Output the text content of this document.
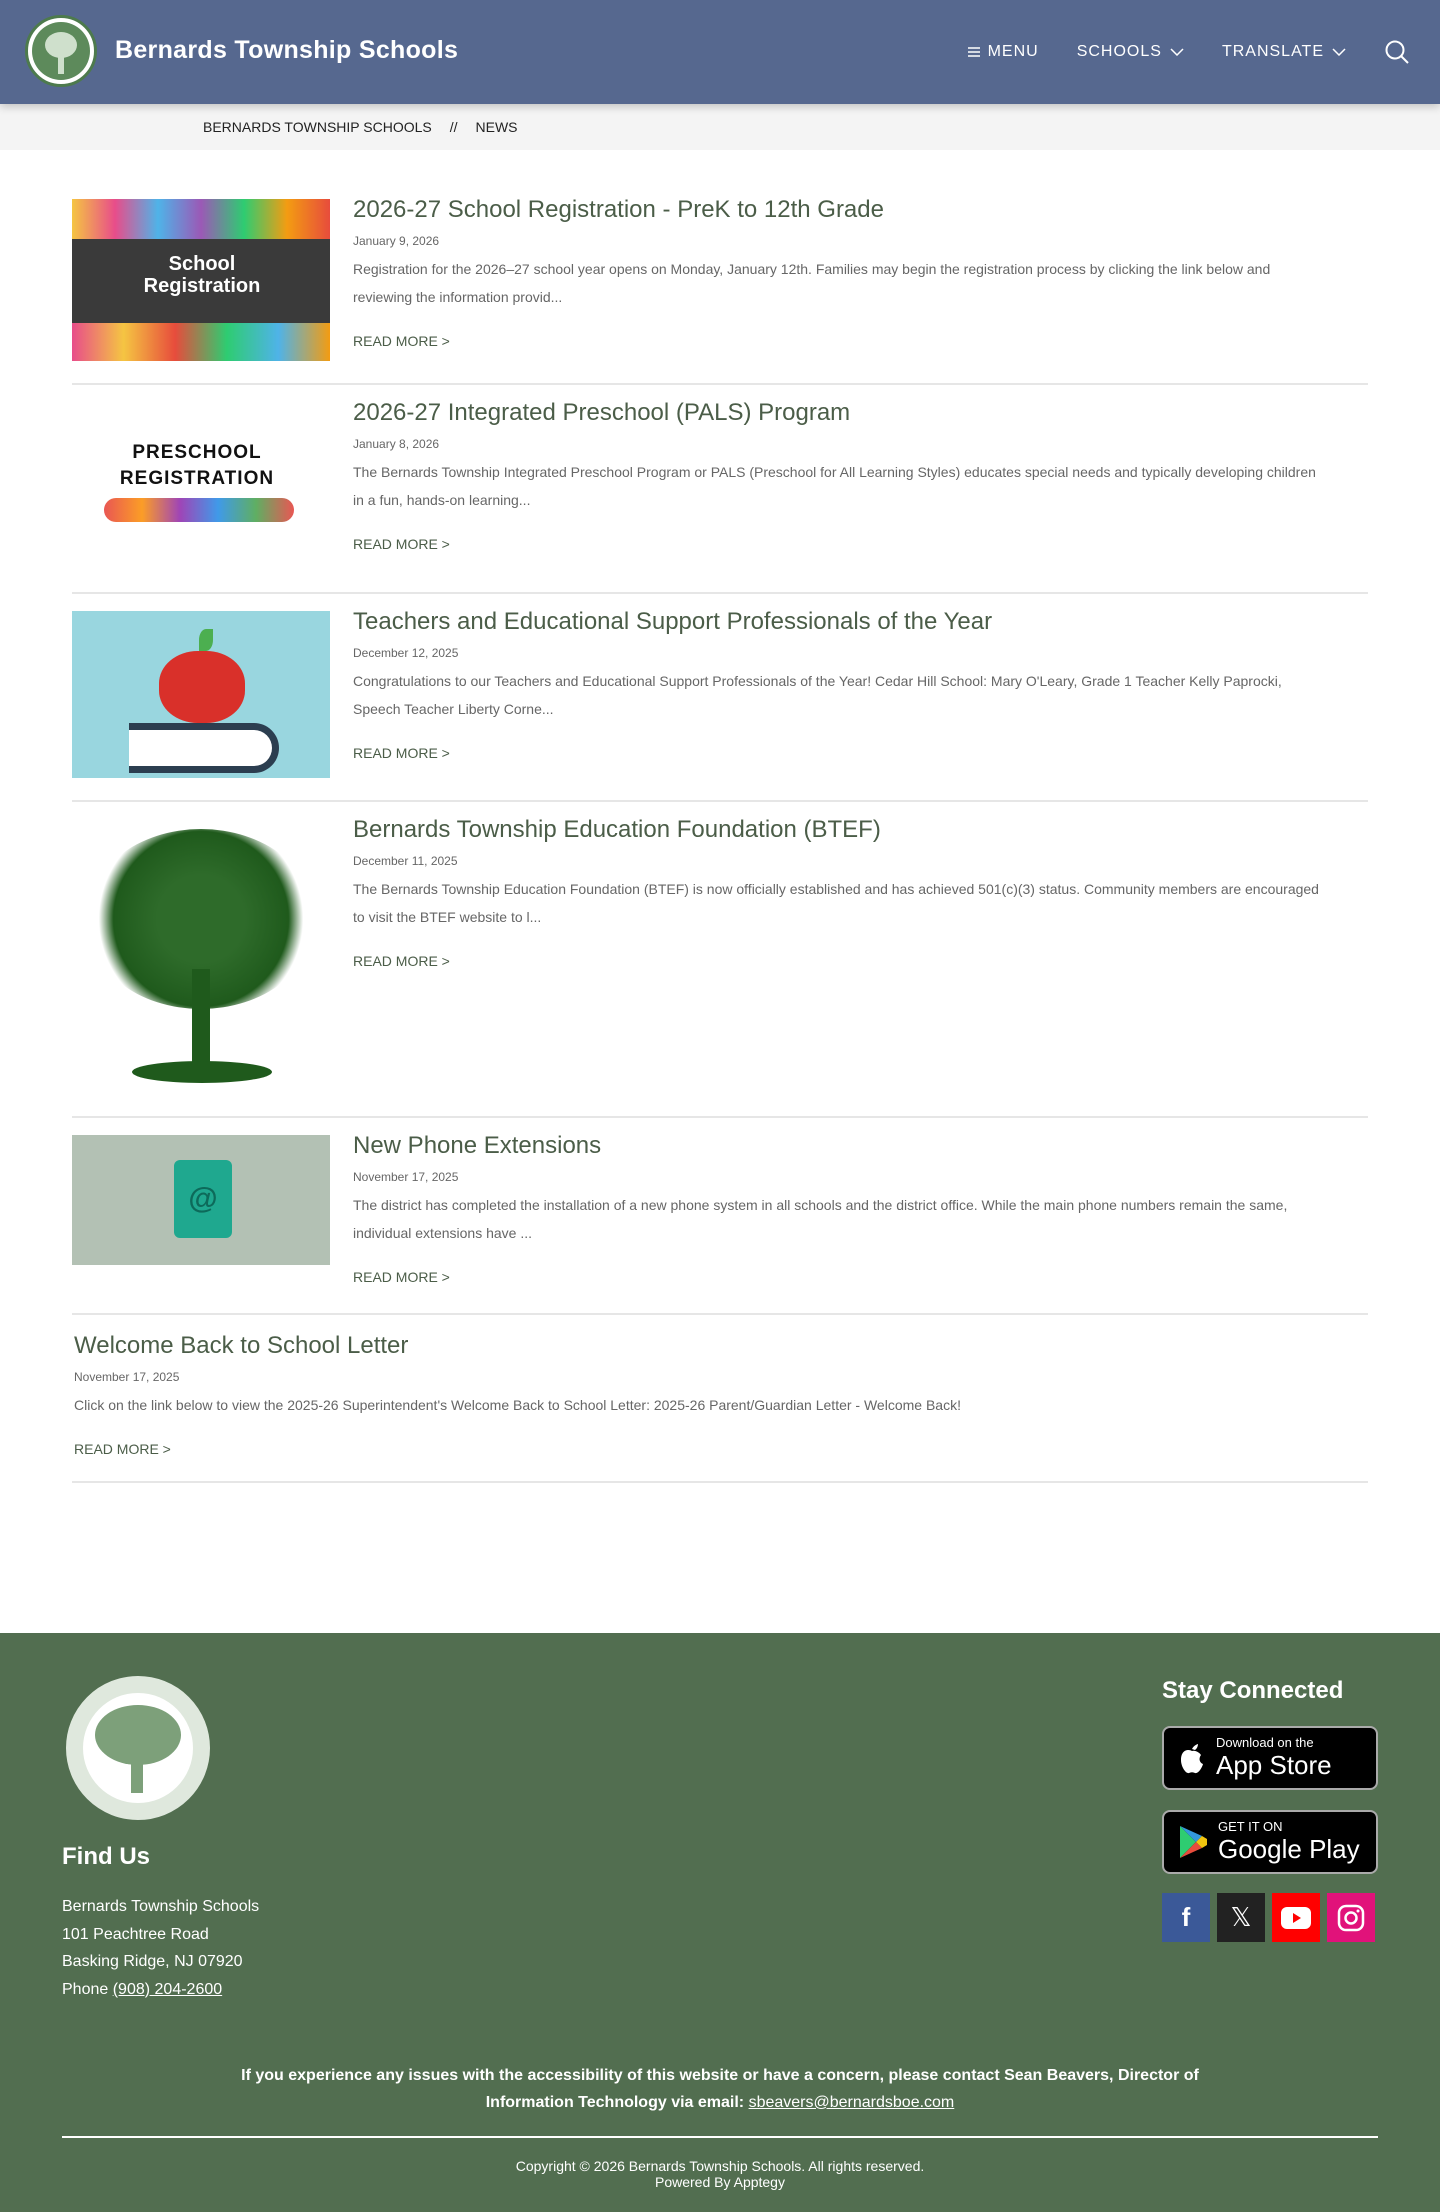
Bernards Township Schools	MENU SCHOOLS	TRANSLATE
BERNARDS TOWNSHIP SCHOOLS // NEWS
School Registration
2026-27 School Registration - PreK to 12th Grade
January 9, 2026
Registration for the 2026–27 school year opens on Monday, January 12th. Families may begin the registration process by clicking the link below and reviewing the information provid...
READ MORE >
PRESCHOOL REGISTRATION
2026-27 Integrated Preschool (PALS) Program
January 8, 2026
The Bernards Township Integrated Preschool Program or PALS (Preschool for All Learning Styles) educates special needs and typically developing children in a fun, hands-on learning...
READ MORE >
Teachers and Educational Support Professionals of the Year
December 12, 2025
Congratulations to our Teachers and Educational Support Professionals of the Year! Cedar Hill School: Mary O'Leary, Grade 1 Teacher Kelly Paprocki, Speech Teacher Liberty Corne...
READ MORE >
Bernards Township Education Foundation (BTEF)
December 11, 2025
The Bernards Township Education Foundation (BTEF) is now officially established and has achieved 501(c)(3) status. Community members are encouraged to visit the BTEF website to l...
READ MORE >
@
New Phone Extensions
November 17, 2025
The district has completed the installation of a new phone system in all schools and the district office. While the main phone numbers remain the same, individual extensions have ...
READ MORE >
Welcome Back to School Letter
November 17, 2025
Click on the link below to view the 2025-26 Superintendent's Welcome Back to School Letter: 2025-26 Parent/Guardian Letter - Welcome Back!
READ MORE >
Find Us
Bernards Township Schools
101 Peachtree Road
Basking Ridge, NJ 07920
Phone (908) 204-2600
Stay Connected
Download on the
App Store
GET IT ON
Google Play
f	𝕏
If you experience any issues with the accessibility of this website or have a concern, please contact Sean Beavers, Director of Information Technology via email: sbeavers@bernardsboe.com
Copyright © 2026 Bernards Township Schools. All rights reserved.
Powered By Apptegy
